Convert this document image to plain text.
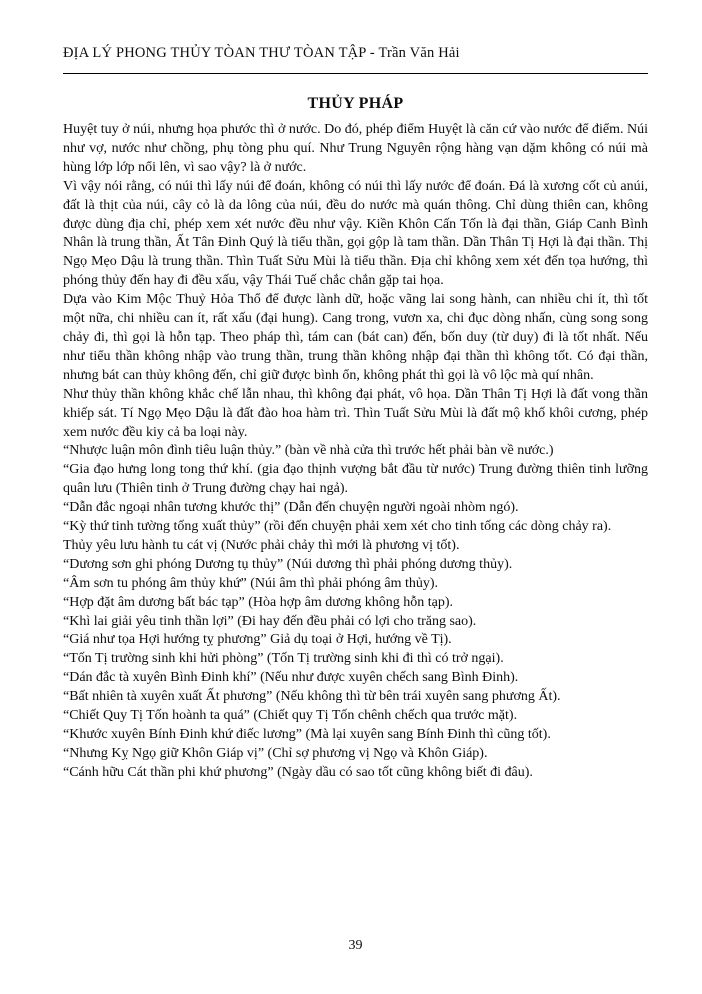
ĐỊA LÝ PHONG THỦY TÒAN THƯ TÒAN TẬP - Trần Văn Hải
THỦY PHÁP

Huyệt tuy ở núi, nhưng họa phước thì ở nước. Do đó, phép điểm Huyệt là căn cứ vào nước để điểm. Núi như vợ, nước như chồng, phụ tòng phu quí. Như Trung Nguyên rộng hàng vạn dặm không có núi mà hùng lớp lớp nổi lên, vì sao vậy? là ở nước.

Vì vậy nói rằng, có núi thì lấy núi để đoán, không có núi thì lấy nước để đoán. Đá là xương cốt củ anúi, đất là thịt của núi, cây cỏ là da lông của núi, đều do nước mà quán thông. Chỉ dùng thiên can, không được dùng địa chỉ, phép xem xét nước đều như vậy. Kiền Khôn Cấn Tốn là đại thần, Giáp Canh Bình Nhân là trung thần, Ất Tân Đinh Quý là tiểu thần, gọi gộp là tam thần. Dần Thân Tị Hợi là đại thần. Thị Ngọ Mẹo Dậu là trung thần. Thìn Tuất Sửu Mùi là tiểu thần. Địa chỉ không xem xét đến tọa hướng, thì phóng thủy đến hay đi đều xấu, vậy Thái Tuế chắc chắn gặp tai họa.

Dựa vào Kim Mộc Thuỷ Hỏa Thổ để được lành dữ, hoặc vãng lai song hành, can nhiều chi ít, thì tốt một nữa, chi nhiều can ít, rất xấu (đại hung). Cang trong, vươn xa, chi đục dòng nhấn, cùng song song chảy đi, thì gọi là hỗn tạp. Theo pháp thì, tám can (bát can) đến, bốn duy (từ duy) đi là tốt nhất. Nếu như tiểu thần không nhập vào trung thần, trung thần không nhập đại thần thì không tốt. Có đại thần, nhưng bát can thủy không đến, chỉ giữ được bình ổn, không phát thì gọi là vô lộc mà quí nhân.

Như thủy thần không khắc chế lẫn nhau, thì không đại phát, vô họa. Dần Thân Tị Hợi là đất vong thần khiếp sát. Tí Ngọ Mẹo Dậu là đất đào hoa hàm trì. Thìn Tuất Sửu Mùi là đất mộ khố khôi cương, phép xem nước đều kiy cả ba loại này.

“Nhược luận môn đình tiêu luận thủy.” (bàn về nhà cửa thì trước hết phải bàn về nước.)

“Gia đạo hưng long tong thứ khí. (gia đạo thịnh vượng bắt đầu từ nước) Trung đường thiên tinh lưỡng quân lưu (Thiên tinh ở Trung đường chạy hai ngả).

“Dẫn đắc ngoại nhân tương khước thị” (Dẫn đến chuyện người ngoài nhòm ngó).

“Kỳ thứ tinh tường tống xuất thủy” (rồi đến chuyện phải xem xét cho tinh tống các dòng chảy ra).

Thủy yêu lưu hành tu cát vị (Nước phải chảy thì mới là phương vị tốt).

“Dương sơn ghi phóng Dương tụ thủy” (Núi dương thì phải phóng dương thủy).

“Âm sơn tu phóng âm thủy khứ” (Núi âm thì phải phóng âm thủy).

“Hợp đặt âm dương bất bác tạp” (Hòa hợp âm dương không hỗn tạp).

“Khì lai giải yêu tinh thần lợi” (Đi hay đến đều phải có lợi cho trăng sao).

“Giá như tọa Hợi hướng tỵ phương” Giả dụ toại ở Hợi, hướng về Tị).

“Tốn Tị trường sinh khi hửi phòng” (Tốn Tị trường sinh khi đi thì có trở ngại).

“Dán đắc tà xuyên Bình Đinh khí” (Nếu như được xuyên chếch sang Bình Đinh).

“Bất nhiên tà xuyên xuất Ất phương” (Nếu không thì từ bên trái xuyên sang phương Ất).

“Chiết Quy Tị Tốn hoành ta quá” (Chiết quy Tị Tốn chênh chếch qua trước mặt).

“Khước xuyên Bính Đinh khứ điếc lương” (Mà lại xuyên sang Bính Đinh thì cũng tốt).

“Nhưng Kỵ Ngọ giữ Khôn Giáp vị” (Chỉ sợ phương vị Ngọ và Khôn Giáp).

“Cánh hữu Cát thần phi khứ phương” (Ngày dầu có sao tốt cũng không biết đi đâu).

39
